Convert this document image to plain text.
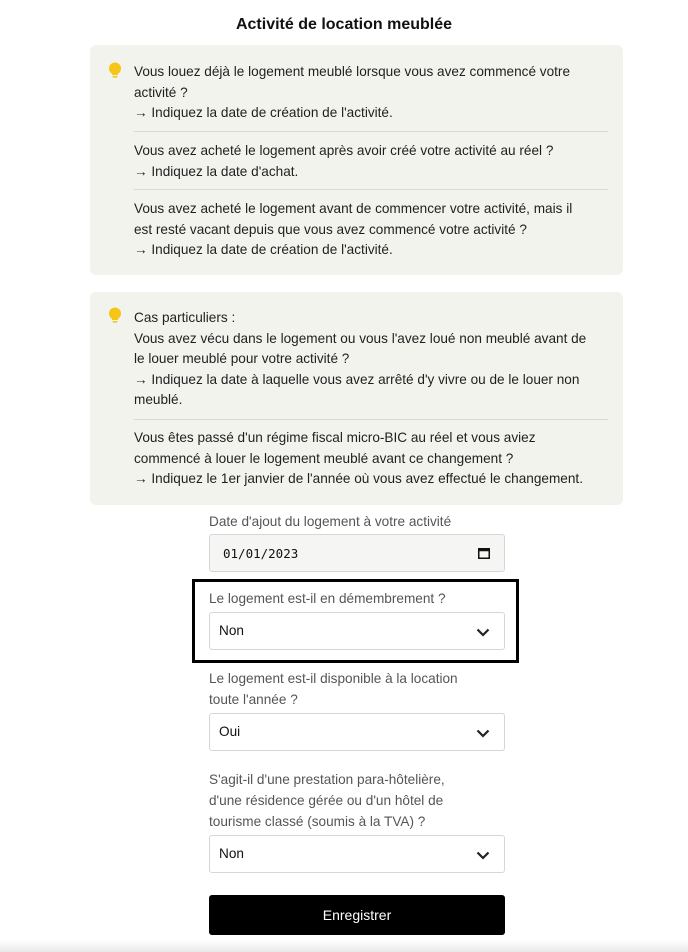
Activité de location meublée
Vous louez déjà le logement meublé lorsque vous avez commencé votre
activité ?
→ Indiquez la date de création de l'activité.
Vous avez acheté le logement après avoir créé votre activité au réel ?
→ Indiquez la date d'achat.
Vous avez acheté le logement avant de commencer votre activité, mais il
est resté vacant depuis que vous avez commencé votre activité ?
→ Indiquez la date de création de l'activité.
Cas particuliers :
Vous avez vécu dans le logement ou vous l'avez loué non meublé avant de
le louer meublé pour votre activité ?
→ Indiquez la date à laquelle vous avez arrêté d'y vivre ou de le louer non
meublé.
Vous êtes passé d'un régime fiscal micro-BIC au réel et vous aviez
commencé à louer le logement meublé avant ce changement ?
→ Indiquez le 1er janvier de l'année où vous avez effectué le changement.
Date d'ajout du logement à votre activité
01/01/2023
Le logement est-il en démembrement ?
Non
Le logement est-il disponible à la location
toute l'année ?
Oui
S'agit-il d'une prestation para-hôtelière,
d'une résidence gérée ou d'un hôtel de
tourisme classé (soumis à la TVA) ?
Non
Enregistrer
